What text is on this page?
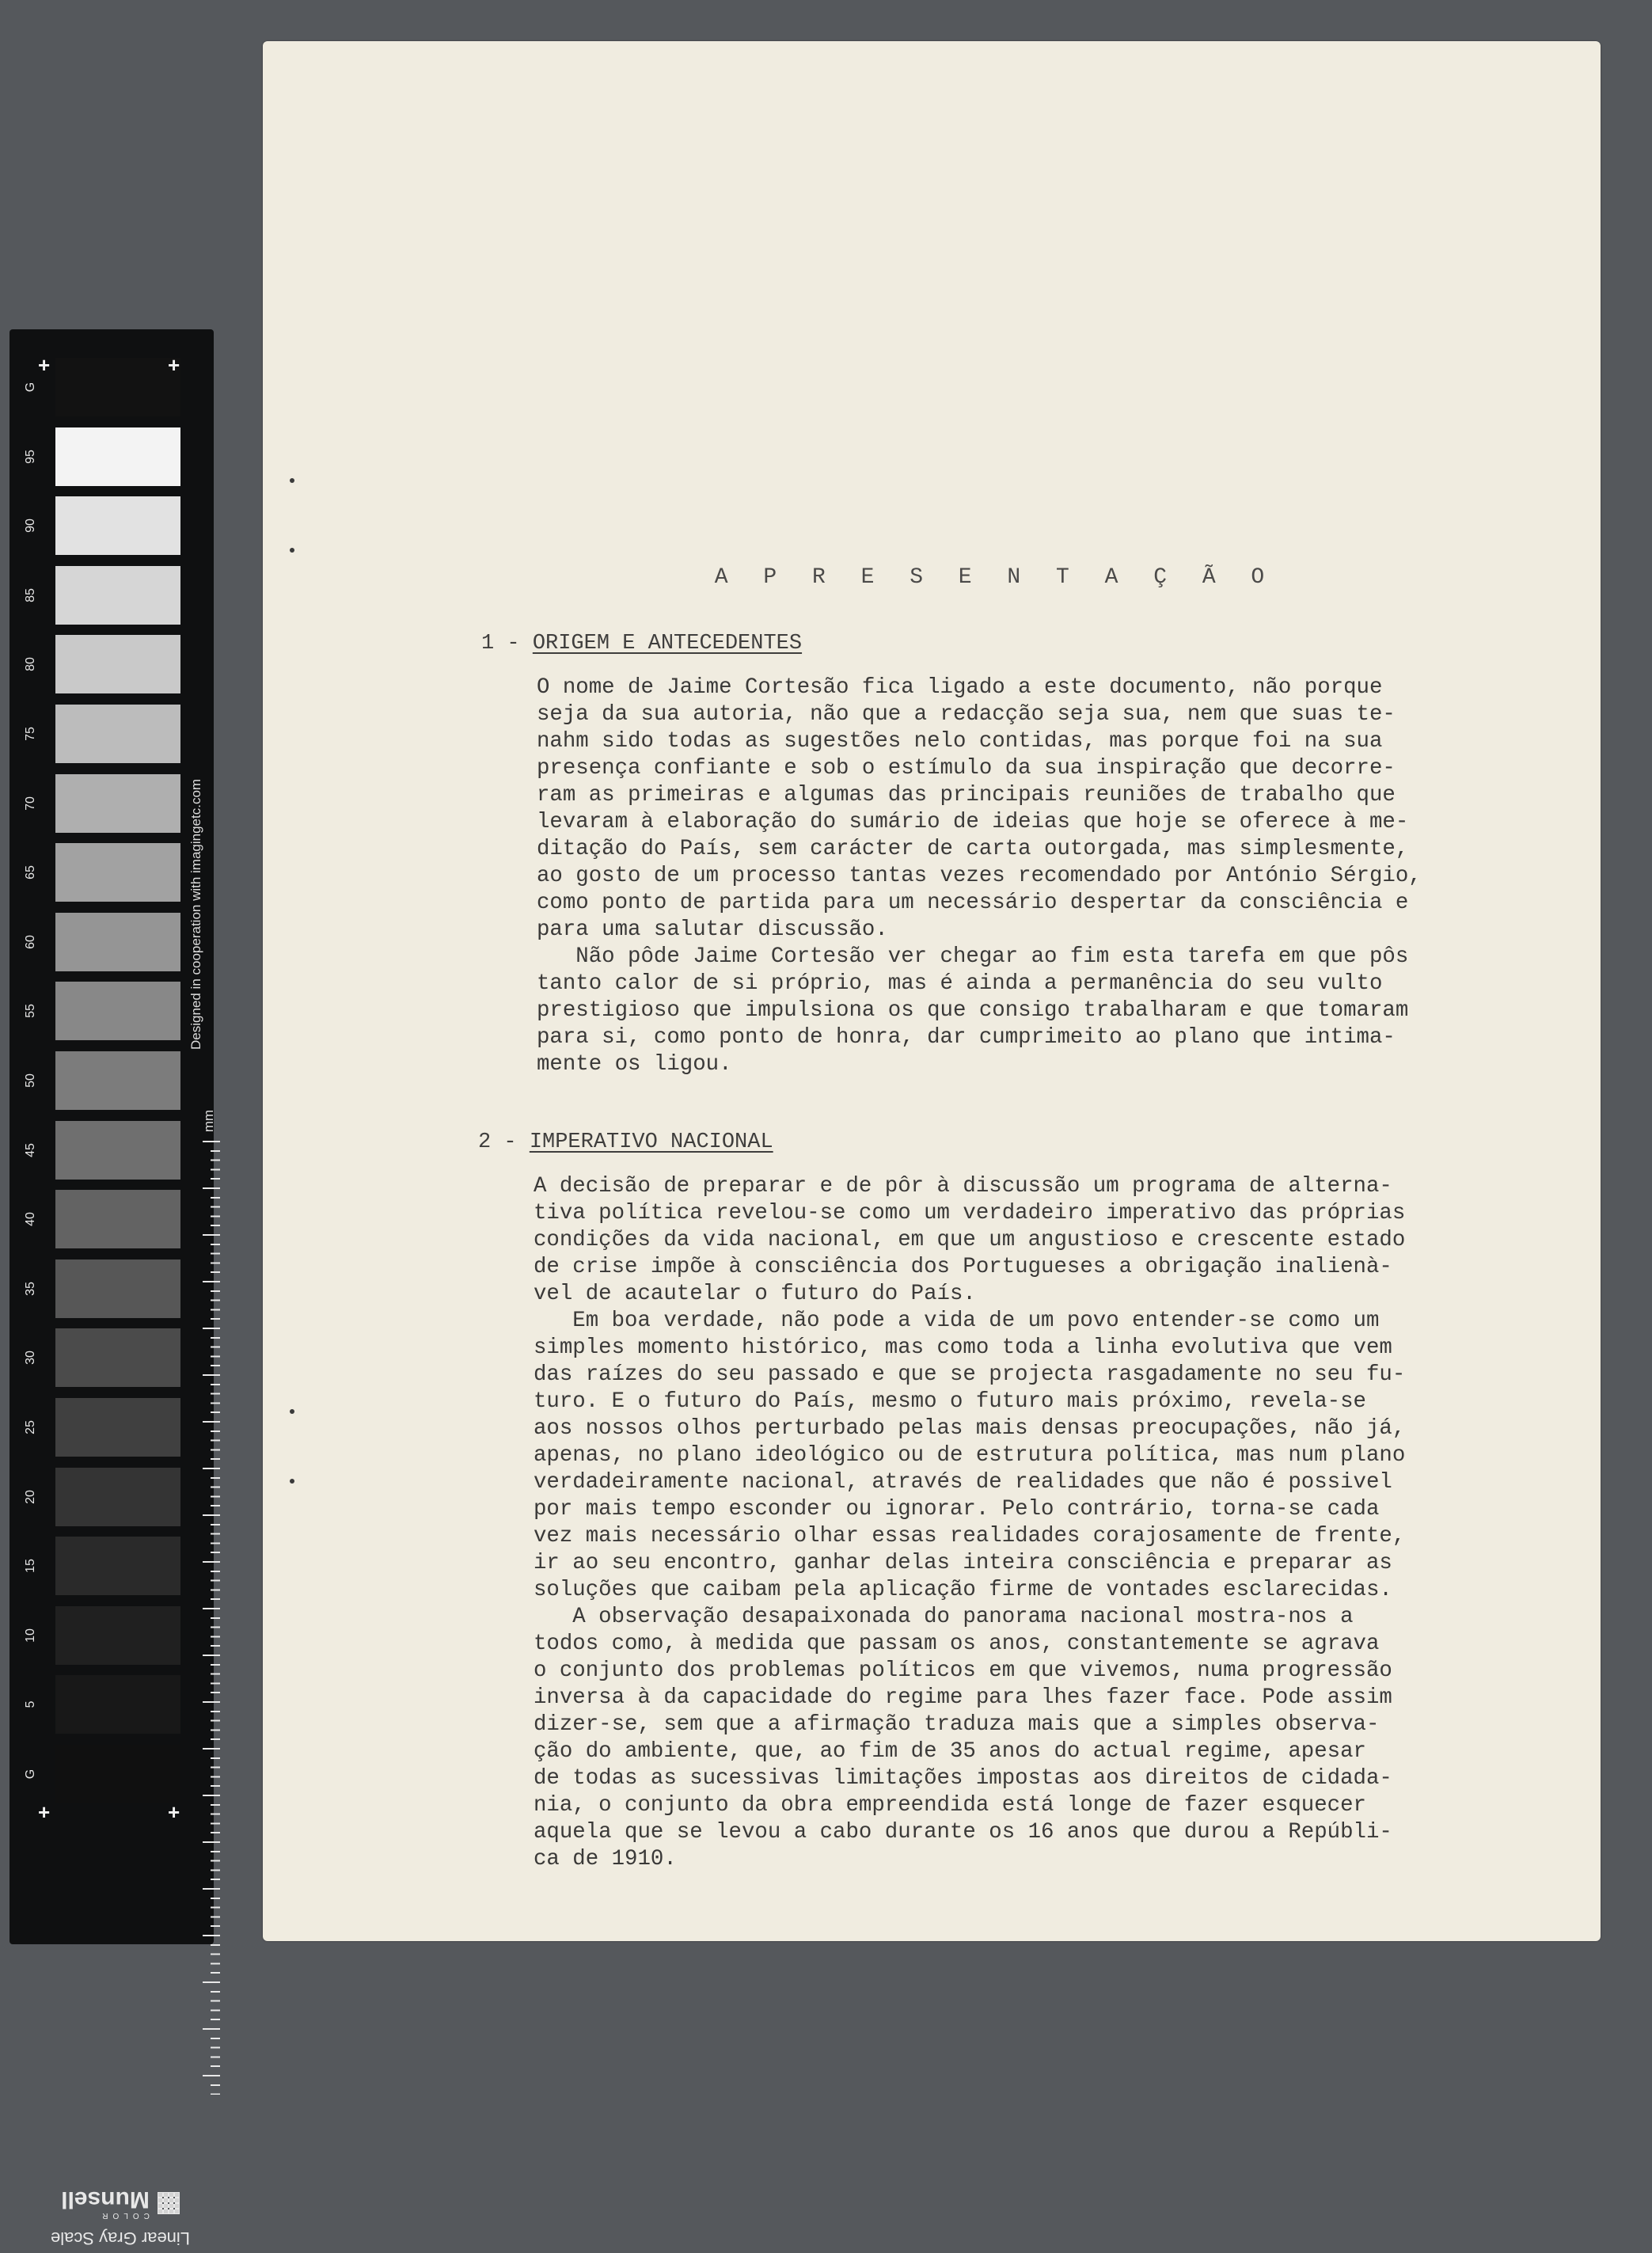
G
95
90
85
80
75
70
65
60
55
50
45
40
35
30
25
20
15
10
5
G
+	+
+	+
Designed in cooperation with imagingetc.com
mm
Linear Gray Scale
COLOR
Munsell
A P R E S E N T A Ç Ã O
1 - ORIGEM E ANTECEDENTES
O nome de Jaime Cortesão fica ligado a este documento, não porque
seja da sua autoria, não que a redacção seja sua, nem que suas te-
nahm sido todas as sugestões nelo contidas, mas porque foi na sua
presença confiante e sob o estímulo da sua inspiração que decorre-
ram as primeiras e algumas das principais reuniões de trabalho que
levaram à elaboração do sumário de ideias que hoje se oferece à me-
ditação do País, sem carácter de carta outorgada, mas simplesmente,
ao gosto de um processo tantas vezes recomendado por António Sérgio,
como ponto de partida para um necessário despertar da consciência e
para uma salutar discussão.
Não pôde Jaime Cortesão ver chegar ao fim esta tarefa em que pôs
tanto calor de si próprio, mas é ainda a permanência do seu vulto
prestigioso que impulsiona os que consigo trabalharam e que tomaram
para si, como ponto de honra, dar cumprimeito ao plano que intima-
mente os ligou.
2 - IMPERATIVO NACIONAL
A decisão de preparar e de pôr à discussão um programa de alterna-
tiva política revelou-se como um verdadeiro imperativo das próprias
condições da vida nacional, em que um angustioso e crescente estado
de crise impõe à consciência dos Portugueses a obrigação inalienà-
vel de acautelar o futuro do País.
Em boa verdade, não pode a vida de um povo entender-se como um
simples momento histórico, mas como toda a linha evolutiva que vem
das raízes do seu passado e que se projecta rasgadamente no seu fu-
turo. E o futuro do País, mesmo o futuro mais próximo, revela-se
aos nossos olhos perturbado pelas mais densas preocupações, não já,
apenas, no plano ideológico ou de estrutura política, mas num plano
verdadeiramente nacional, através de realidades que não é possivel
por mais tempo esconder ou ignorar. Pelo contrário, torna-se cada
vez mais necessário olhar essas realidades corajosamente de frente,
ir ao seu encontro, ganhar delas inteira consciência e preparar as
soluções que caibam pela aplicação firme de vontades esclarecidas.
A observação desapaixonada do panorama nacional mostra-nos a
todos como, à medida que passam os anos, constantemente se agrava
o conjunto dos problemas políticos em que vivemos, numa progressão
inversa à da capacidade do regime para lhes fazer face. Pode assim
dizer-se, sem que a afirmação traduza mais que a simples observa-
ção do ambiente, que, ao fim de 35 anos do actual regime, apesar
de todas as sucessivas limitações impostas aos direitos de cidada-
nia, o conjunto da obra empreendida está longe de fazer esquecer
aquela que se levou a cabo durante os 16 anos que durou a Repúbli-
ca de 1910.
